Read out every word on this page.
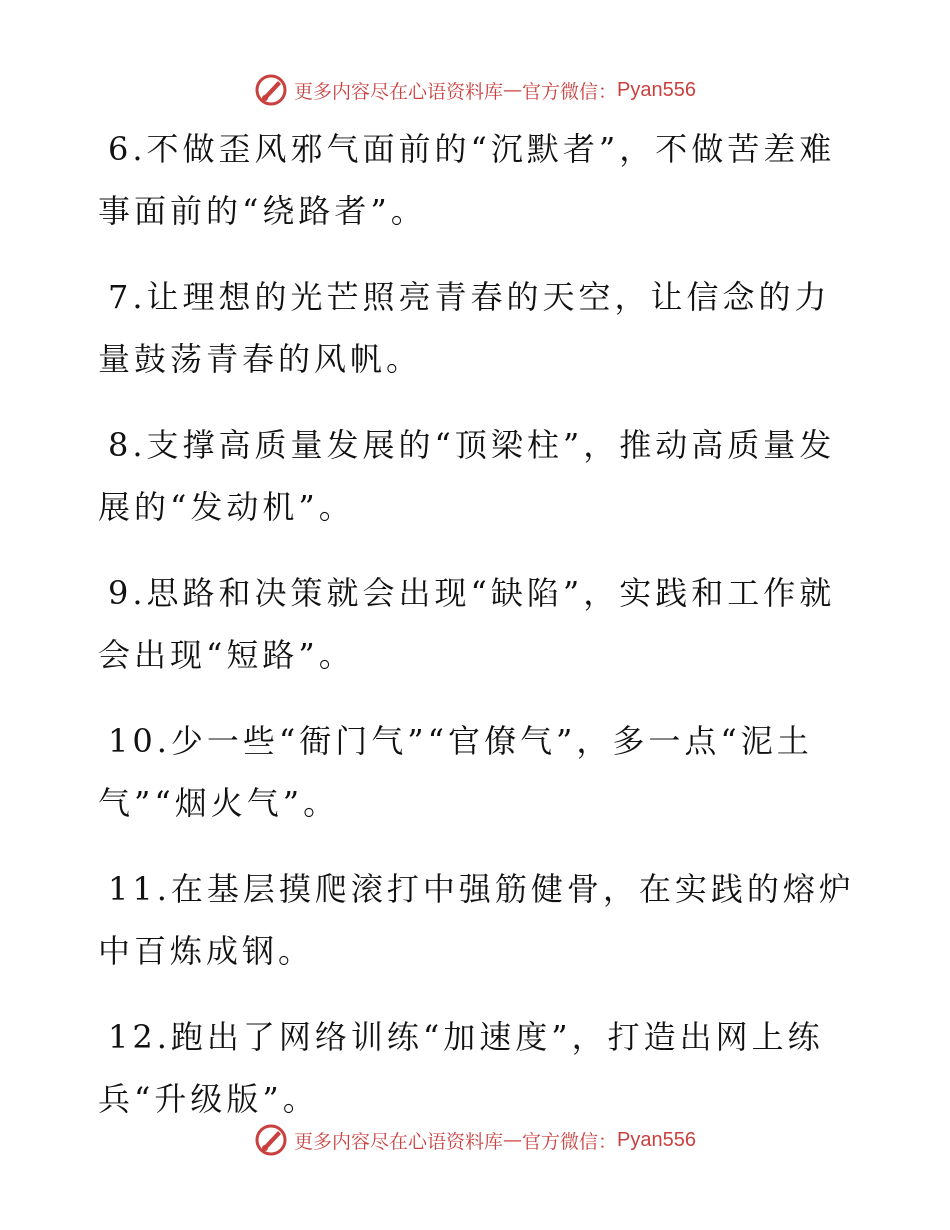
更多内容尽在心语资料库 — 官方微信： Pyan556

6.不做歪风邪气面前的“沉默者”，不做苦差难事面前的“绕路者”。

7.让理想的光芒照亮青春的天空，让信念的力量鼓荡青春的风帆。

8.支撑高质量发展的“顶梁柱”，推动高质量发展的“发动机”。

9.思路和决策就会出现“缺陷”，实践和工作就会出现“短路”。

10.少一些“衙门气”“官僚气”，多一点“泥土气”“烟火气”。

11.在基层摸爬滚打中强筋健骨，在实践的熔炉中百炼成钢。

12.跑出了网络训练“加速度”，打造出网上练兵“升级版”。

更多内容尽在心语资料库 — 官方微信： Pyan556
